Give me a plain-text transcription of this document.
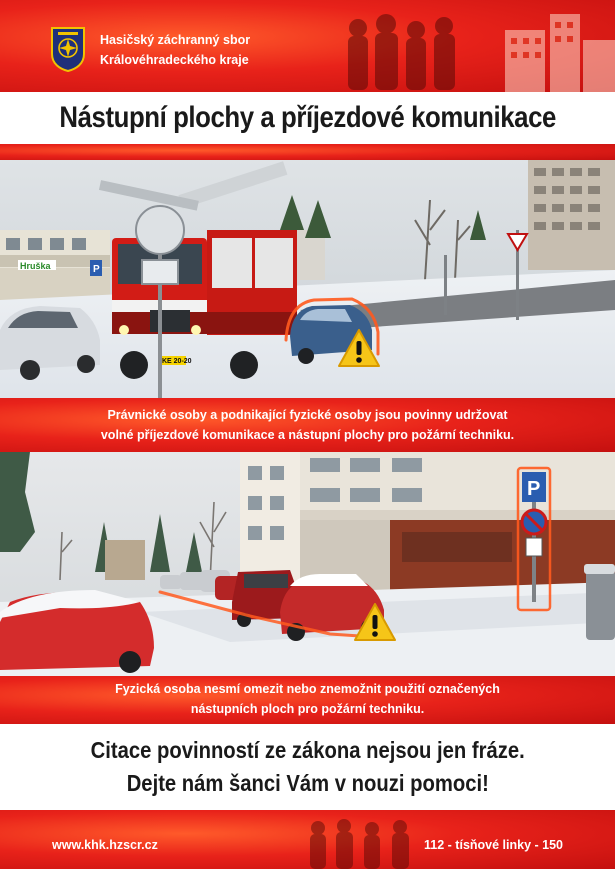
Hasičský záchranný sbor
Královéhradeckého kraje
Nástupní plochy a příjezdové komunikace
Hruška
KE 20-20
P
Právnické osoby a podnikající fyzické osoby jsou povinny udržovat
volné příjezdové komunikace a nástupní plochy pro požární techniku.
P
Fyzická osoba nesmí omezit nebo znemožnit použití označených
nástupních ploch pro požární techniku.
Citace povinností ze zákona nejsou jen fráze.
Dejte nám šanci Vám v nouzi pomoci!
www.khk.hzscr.cz	112 - tísňové linky - 150
